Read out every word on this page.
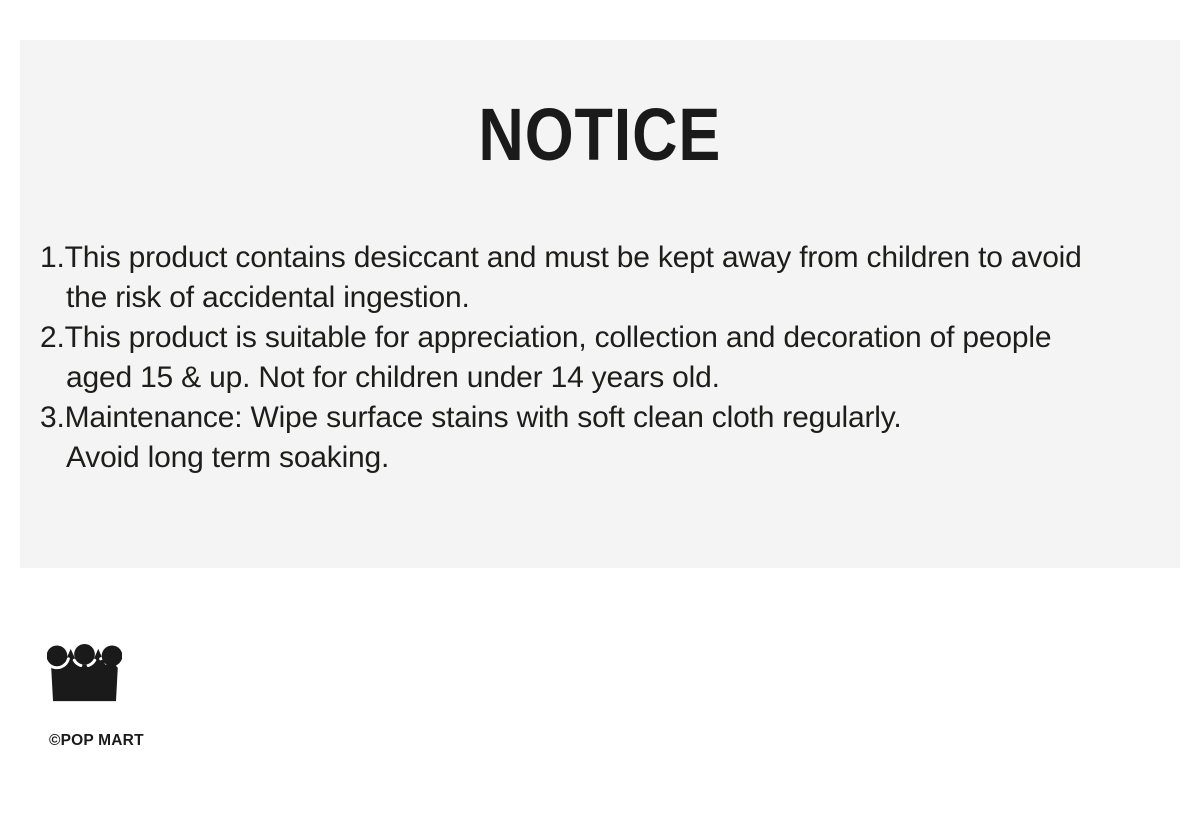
NOTICE
1.This product contains desiccant and must be kept away from children to avoid
the risk of accidental ingestion.
2.This product is suitable for appreciation, collection and decoration of people
aged 15 & up. Not for children under 14 years old.
3.Maintenance: Wipe surface stains with soft clean cloth regularly.
Avoid long term soaking.
©POP MART
